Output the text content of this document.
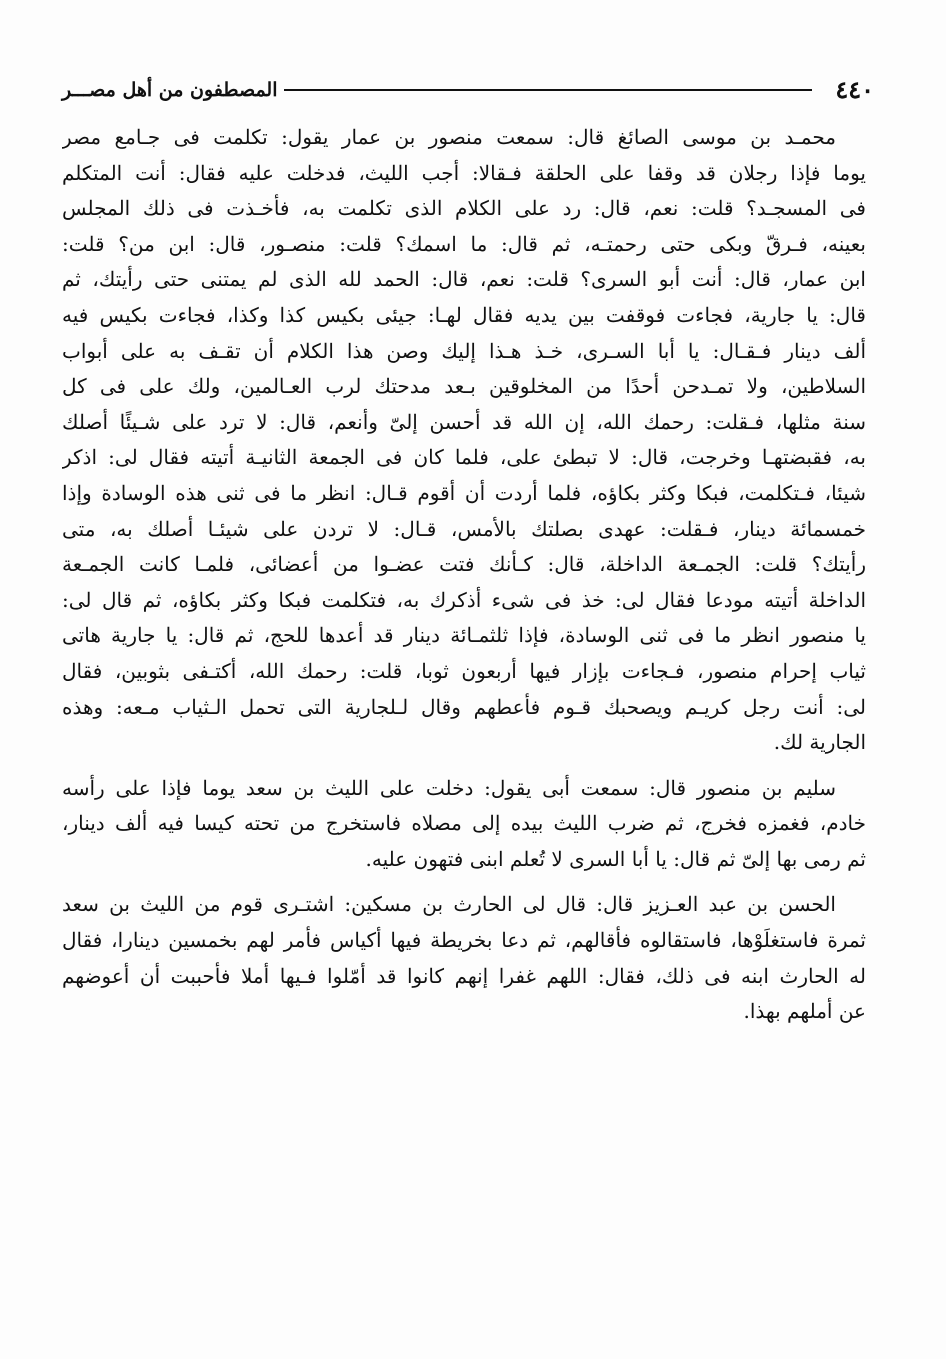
٤٤٠
المصطفون من أهل مصـــر
محمـد بن موسى الصائغ قال: سمعت منصور بن عمار يقول: تكلمت فى جـامع مصر
يوما فإذا رجلان قد وقفا على الحلقة فـقالا: أجب الليث، فدخلت عليه فقال: أنت المتكلم
فى المسجـد؟ قلت: نعم، قال: رد على الكلام الذى تكلمت به، فأخـذت فى ذلك المجلس
بعينه، فـرقّ وبكى حتى رحمتـه، ثم قال: ما اسمك؟ قلت: منصـور، قال: ابن من؟ قلت:
ابن عمار، قال: أنت أبو السرى؟ قلت: نعم، قال: الحمد لله الذى لم يمتنى حتى رأيتك، ثم
قال: يا جارية، فجاءت فوقفت بين يديه فقال لهـا: جيئى بكيس كذا وكذا، فجاءت بكيس فيه
ألف دينار فـقـال: يا أبا السـرى، خـذ هـذا إليك وصن هذا الكلام أن تقـف به على أبواب
السلاطين، ولا تمـدحن أحدًا من المخلوقين بـعد مدحتك لرب العـالمين، ولك على فى كل
سنة مثلها، فـقلت: رحمك الله، إن الله قد أحسن إلىّ وأنعم، قال: لا ترد على شـيئًا أصلك
به، فقبضتهـا وخرجت، قال: لا تبطئ على، فلما كان فى الجمعة الثانيـة أتيته فقال لى: اذكر
شيئا، فـتكلمت، فبكا وكثر بكاؤه، فلما أردت أن أقوم قـال: انظر ما فى ثنى هذه الوسادة وإذا
خمسمائة دينار، فـقلت: عهدى بصلتك بالأمس، قـال: لا تردن على شيئـا أصلك به، متى
رأيتك؟ قلت: الجمـعة الداخلة، قال: كـأنك فتت عضـوا من أعضائى، فلمـا كانت الجمـعة
الداخلة أتيته مودعا فقال لى: خذ فى شىء أذكرك به، فتكلمت فبكا وكثر بكاؤه، ثم قال لى:
يا منصور انظر ما فى ثنى الوسادة، فإذا ثلثمـائة دينار قد أعدها للحج، ثم قال: يا جارية هاتى
ثياب إحرام منصور، فـجاءت بإزار فيها أربعون ثوبا، قلت: رحمك الله، أكتـفى بثوبين، فقال
لى: أنت رجل كريـم ويصحبك قـوم فأعطهم وقال لـلجارية التى تحمل الـثياب مـعه: وهذه
الجارية لك.
سليم بن منصور قال: سمعت أبى يقول: دخلت على الليث بن سعد يوما فإذا على رأسه
خادم، فغمزه فخرج، ثم ضرب الليث بيده إلى مصلاه فاستخرج من تحته كيسا فيه ألف دينار،
ثم رمى بها إلىّ ثم قال: يا أبا السرى لا تُعلم ابنى فتهون عليه.
الحسن بن عبد العـزيز قال: قال لى الحارث بن مسكين: اشتـرى قوم من الليث بن سعد
ثمرة فاستغلَوْها، فاستقالوه فأقالهم، ثم دعا بخريطة فيها أكياس فأمر لهم بخمسين دينارا، فقال
له الحارث ابنه فى ذلك، فقال: اللهم غفرا إنهم كانوا قد أمّلوا فـيها أملا فأحببت أن أعوضهم
عن أملهم بهذا.
